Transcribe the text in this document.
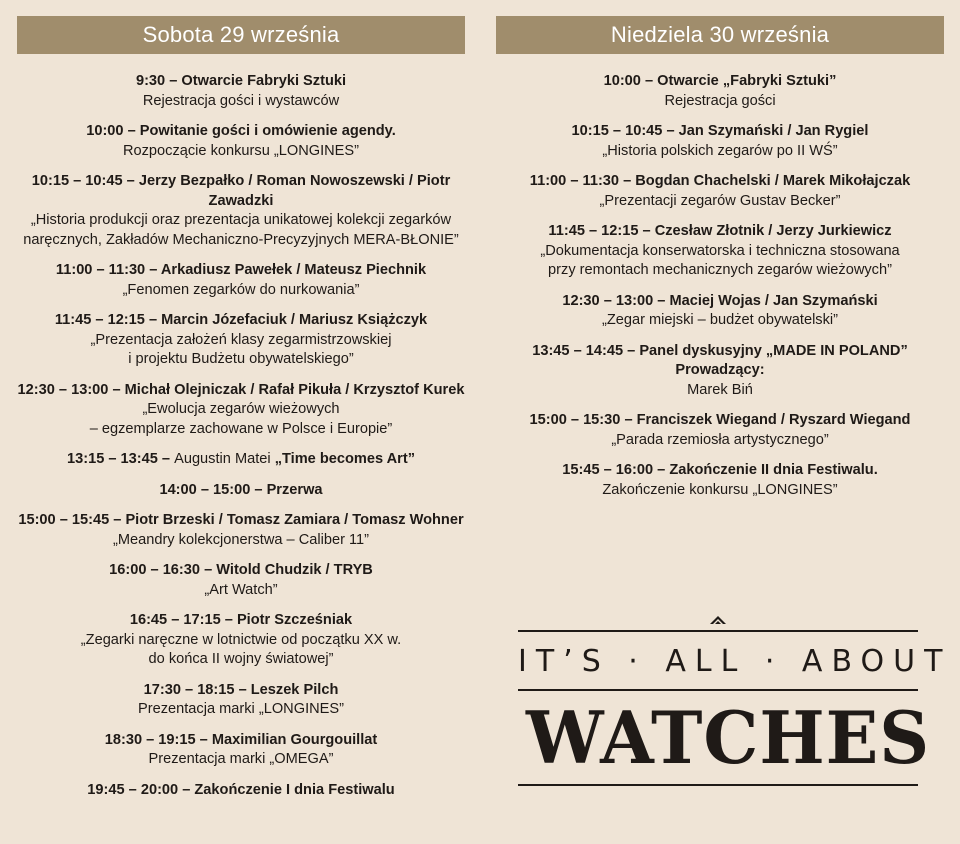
Sobota 29 września
9:30 – Otwarcie Fabryki Sztuki
Rejestracja gości i wystawców
10:00 – Powitanie gości i omówienie agendy.
Rozpoczącie konkursu „LONGINES”
10:15 – 10:45 – Jerzy Bezpałko / Roman Nowoszewski / Piotr Zawadzki
„Historia produkcji oraz prezentacja unikatowej kolekcji zegarków
naręcznych, Zakładów Mechaniczno-Precyzyjnych MERA-BŁONIE”
11:00 – 11:30 – Arkadiusz Pawełek / Mateusz Piechnik
„Fenomen zegarków do nurkowania”
11:45 – 12:15 – Marcin Józefaciuk / Mariusz Książczyk
„Prezentacja założeń klasy zegarmistrzowskiej
i projektu Budżetu obywatelskiego”
12:30 – 13:00 – Michał Olejniczak / Rafał Pikuła / Krzysztof Kurek
„Ewolucja zegarów wieżowych
– egzemplarze zachowane w Polsce i Europie”
13:15 – 13:45 – Augustin Matei „Time becomes Art”
14:00 – 15:00 – Przerwa
15:00 – 15:45 – Piotr Brzeski / Tomasz Zamiara / Tomasz Wohner
„Meandry kolekcjonerstwa – Caliber 11”
16:00 – 16:30 – Witold Chudzik / TRYB
„Art Watch”
16:45 – 17:15 – Piotr Szcześniak
„Zegarki naręczne w lotnictwie od początku XX w.
do końca II wojny światowej”
17:30 – 18:15 – Leszek Pilch
Prezentacja marki „LONGINES”
18:30 – 19:15 – Maximilian Gourgouillat
Prezentacja marki „OMEGA”
19:45 – 20:00 – Zakończenie I dnia Festiwalu
Niedziela 30 września
10:00 – Otwarcie „Fabryki Sztuki”
Rejestracja gości
10:15 – 10:45 – Jan Szymański / Jan Rygiel
„Historia polskich zegarów po II WŚ”
11:00 – 11:30 – Bogdan Chachelski / Marek Mikołajczak
„Prezentacji zegarów Gustav Becker”
11:45 – 12:15 – Czesław Złotnik / Jerzy Jurkiewicz
„Dokumentacja konserwatorska i techniczna stosowana
przy remontach mechanicznych zegarów wieżowych”
12:30 – 13:00 – Maciej Wojas / Jan Szymański
„Zegar miejski – budżet obywatelski”
13:45 – 14:45 – Panel dyskusyjny „MADE IN POLAND”
Prowadzący:
Marek Biń
15:00 – 15:30 – Franciszek Wiegand / Ryszard Wiegand
„Parada rzemiosła artystycznego”
15:45 – 16:00 – Zakończenie II dnia Festiwalu.
Zakończenie konkursu „LONGINES”
IT’S · ALL · ABOUT
WATCHES
